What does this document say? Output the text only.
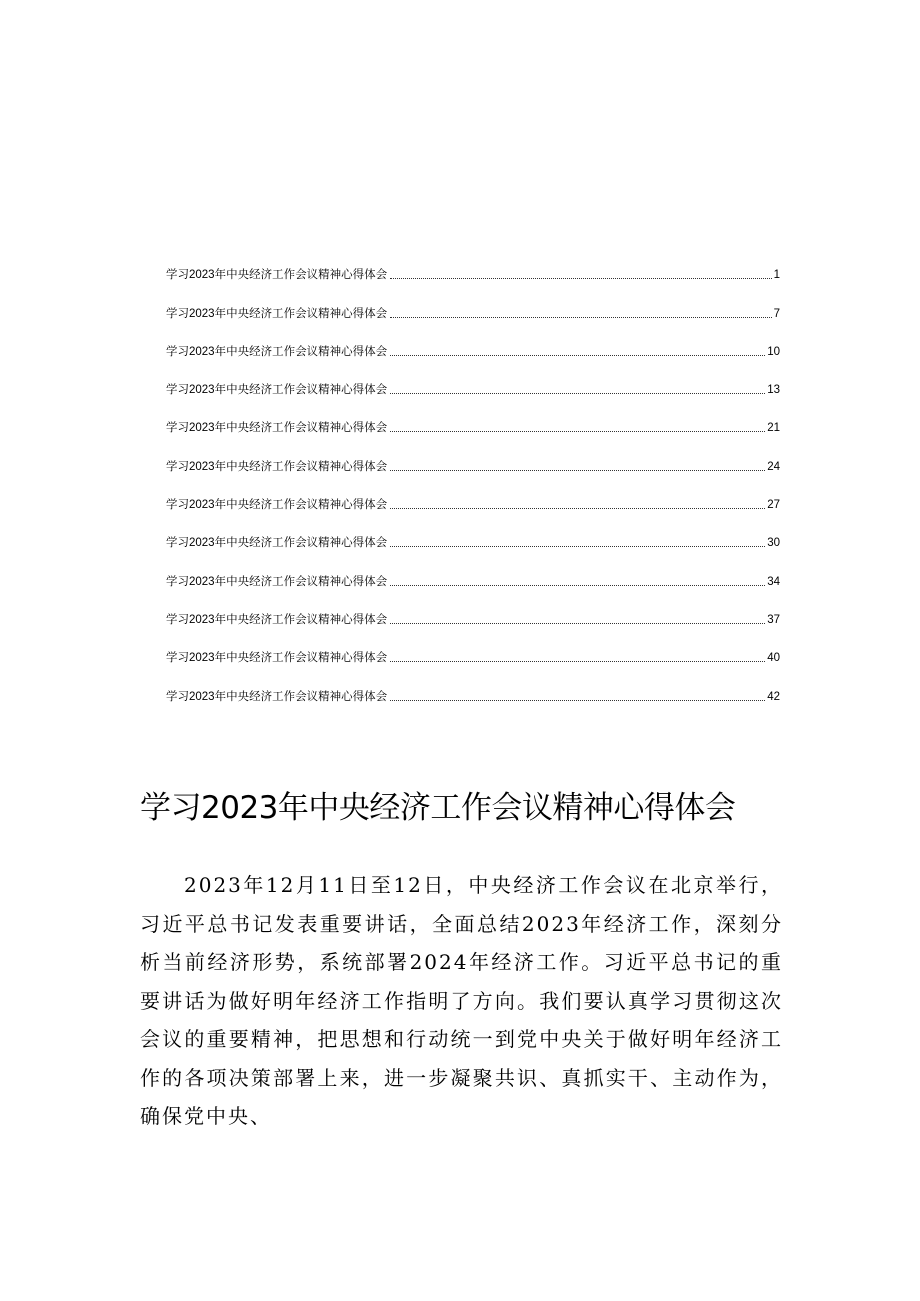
学习2023年中央经济工作会议精神心得体会	1
学习2023年中央经济工作会议精神心得体会	7
学习2023年中央经济工作会议精神心得体会	10
学习2023年中央经济工作会议精神心得体会	13
学习2023年中央经济工作会议精神心得体会	21
学习2023年中央经济工作会议精神心得体会	24
学习2023年中央经济工作会议精神心得体会	27
学习2023年中央经济工作会议精神心得体会	30
学习2023年中央经济工作会议精神心得体会	34
学习2023年中央经济工作会议精神心得体会	37
学习2023年中央经济工作会议精神心得体会	40
学习2023年中央经济工作会议精神心得体会	42
学习2023年中央经济工作会议精神心得体会

2023年12月11日至12日，中央经济工作会议在北京举行，习近平总书记发表重要讲话，全面总结2023年经济工作，深刻分析当前经济形势，系统部署2024年经济工作。习近平总书记的重要讲话为做好明年经济工作指明了方向。我们要认真学习贯彻这次会议的重要精神，把思想和行动统一到党中央关于做好明年经济工作的各项决策部署上来，进一步凝聚共识、真抓实干、主动作为，确保党中央、
